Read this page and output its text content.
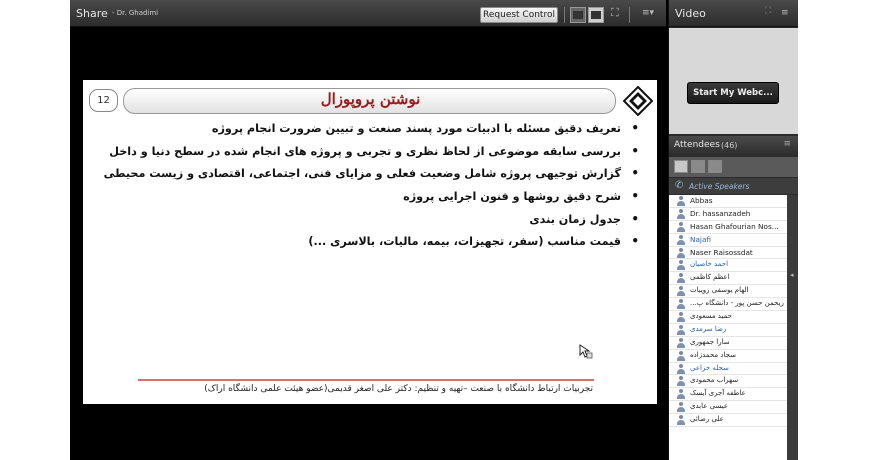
Share - Dr. Ghadimi	Request Control	⛶	≡▾
12	نوشتن پروپوزال
• تعریف دقیق مسئله با ادبیات مورد پسند صنعت و تبیین ضرورت انجام پروژه
• بررسی سابقه موضوعی از لحاظ نظری و تجربی و پروژه های انجام شده در سطح دنیا و داخل
• گزارش توجیهی پروژه شامل وضعیت فعلی و مزایای فنی، اجتماعی، اقتصادی و زیست محیطی
• شرح دقیق روشها و فنون اجرایی پروژه
• جدول زمان بندی
• قیمت مناسب (سفر، تجهیزات، بیمه، مالیات، بالاسری ...)
تجربیات ارتباط دانشگاه با صنعت –تهیه و تنظیم: دکتر علی اصغر قدیمی(عضو هیئت علمی دانشگاه اراک)
Video	⛶ ≡
Start My Webc...
Attendees (46)	≡
✆ Active Speakers
Abbas
Dr. hassanzadeh
Hasan Ghafourian Nos...
Najafi
Naser Raisossdat
احمد خاصیان
اعظم کاظمی
الهام یوسفی رویبات
ریحمن حسن پور - دانشگاه پ...
حمید مسعودی
رضا سرمدی
سارا جمهوری
سجاد محمدزاده
سحله خزاعی
سهراب محمودی
عاطفه آجری آیسک
عیسی عابدی
علی رضائی
◂
